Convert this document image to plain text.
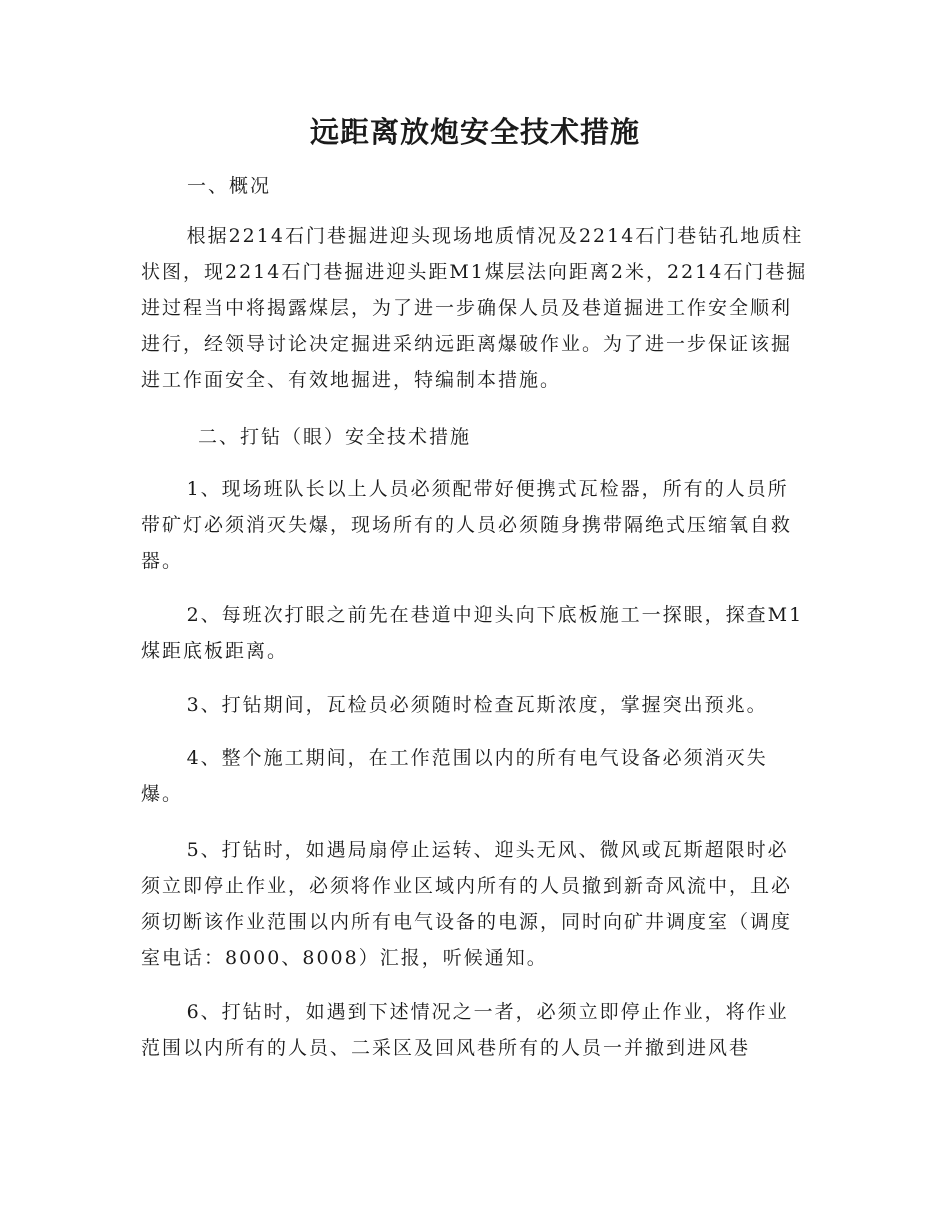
远距离放炮安全技术措施
一、概况

根据2214石门巷掘进迎头现场地质情况及2214石门巷钻孔地质柱状图，现2214石门巷掘进迎头距M1煤层法向距离2米，2214石门巷掘进过程当中将揭露煤层，为了进一步确保人员及巷道掘进工作安全顺利进行，经领导讨论决定掘进采纳远距离爆破作业。为了进一步保证该掘进工作面安全、有效地掘进，特编制本措施。

二、打钻（眼）安全技术措施

1、现场班队长以上人员必须配带好便携式瓦检器，所有的人员所带矿灯必须消灭失爆，现场所有的人员必须随身携带隔绝式压缩氧自救器。

2、每班次打眼之前先在巷道中迎头向下底板施工一探眼，探查M1煤距底板距离。

3、打钻期间，瓦检员必须随时检查瓦斯浓度，掌握突出预兆。

4、整个施工期间，在工作范围以内的所有电气设备必须消灭失爆。

5、打钻时，如遇局扇停止运转、迎头无风、微风或瓦斯超限时必须立即停止作业，必须将作业区域内所有的人员撤到新奇风流中，且必须切断该作业范围以内所有电气设备的电源，同时向矿井调度室（调度室电话：8000、8008）汇报，听候通知。

6、打钻时，如遇到下述情况之一者，必须立即停止作业，将作业范围以内所有的人员、二采区及回风巷所有的人员一并撤到进风巷
